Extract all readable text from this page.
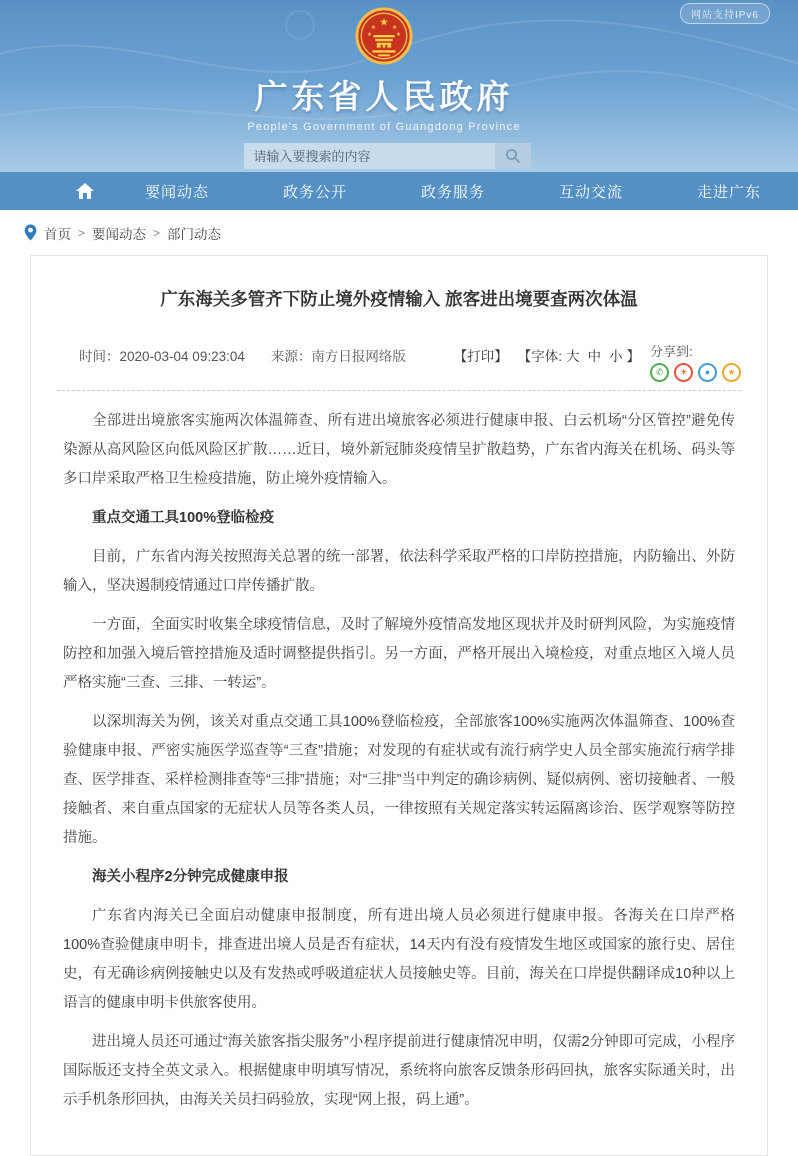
网站支持IPv6
★
★	★
★	★
广东省人民政府
People's Government of Guangdong Province
请输入要搜索的内容
要闻动态	政务公开	政务服务	互动交流	走进广东
首页 > 要闻动态 > 部门动态
广东海关多管齐下防止境外疫情输入 旅客进出境要查两次体温
时间：2020-03-04 09:23:04 来源：南方日报网络版	【打印】 【字体: 大 中 小 】 分享到:
✆	☀	●	★

全部进出境旅客实施两次体温筛查、所有进出境旅客必须进行健康申报、白云机场“分区管控”避免传染源从高风险区向低风险区扩散……近日，境外新冠肺炎疫情呈扩散趋势，广东省内海关在机场、码头等多口岸采取严格卫生检疫措施，防止境外疫情输入。

重点交通工具100%登临检疫

目前，广东省内海关按照海关总署的统一部署，依法科学采取严格的口岸防控措施，内防输出、外防输入，坚决遏制疫情通过口岸传播扩散。

一方面，全面实时收集全球疫情信息，及时了解境外疫情高发地区现状并及时研判风险，为实施疫情防控和加强入境后管控措施及适时调整提供指引。另一方面，严格开展出入境检疫，对重点地区入境人员严格实施“三查、三排、一转运”。

以深圳海关为例，该关对重点交通工具100%登临检疫，全部旅客100%实施两次体温筛查、100%查验健康申报、严密实施医学巡查等“三查”措施；对发现的有症状或有流行病学史人员全部实施流行病学排查、医学排查、采样检测排查等“三排”措施；对“三排”当中判定的确诊病例、疑似病例、密切接触者、一般接触者、来自重点国家的无症状人员等各类人员，一律按照有关规定落实转运隔离诊治、医学观察等防控措施。

海关小程序2分钟完成健康申报

广东省内海关已全面启动健康申报制度，所有进出境人员必须进行健康申报。各海关在口岸严格100%查验健康申明卡，排查进出境人员是否有症状，14天内有没有疫情发生地区或国家的旅行史、居住史，有无确诊病例接触史以及有发热或呼吸道症状人员接触史等。目前，海关在口岸提供翻译成10种以上语言的健康申明卡供旅客使用。

进出境人员还可通过“海关旅客指尖服务”小程序提前进行健康情况申明，仅需2分钟即可完成，小程序国际版还支持全英文录入。根据健康申明填写情况，系统将向旅客反馈条形码回执，旅客实际通关时，出示手机条形回执，由海关关员扫码验放，实现“网上报，码上通”。
